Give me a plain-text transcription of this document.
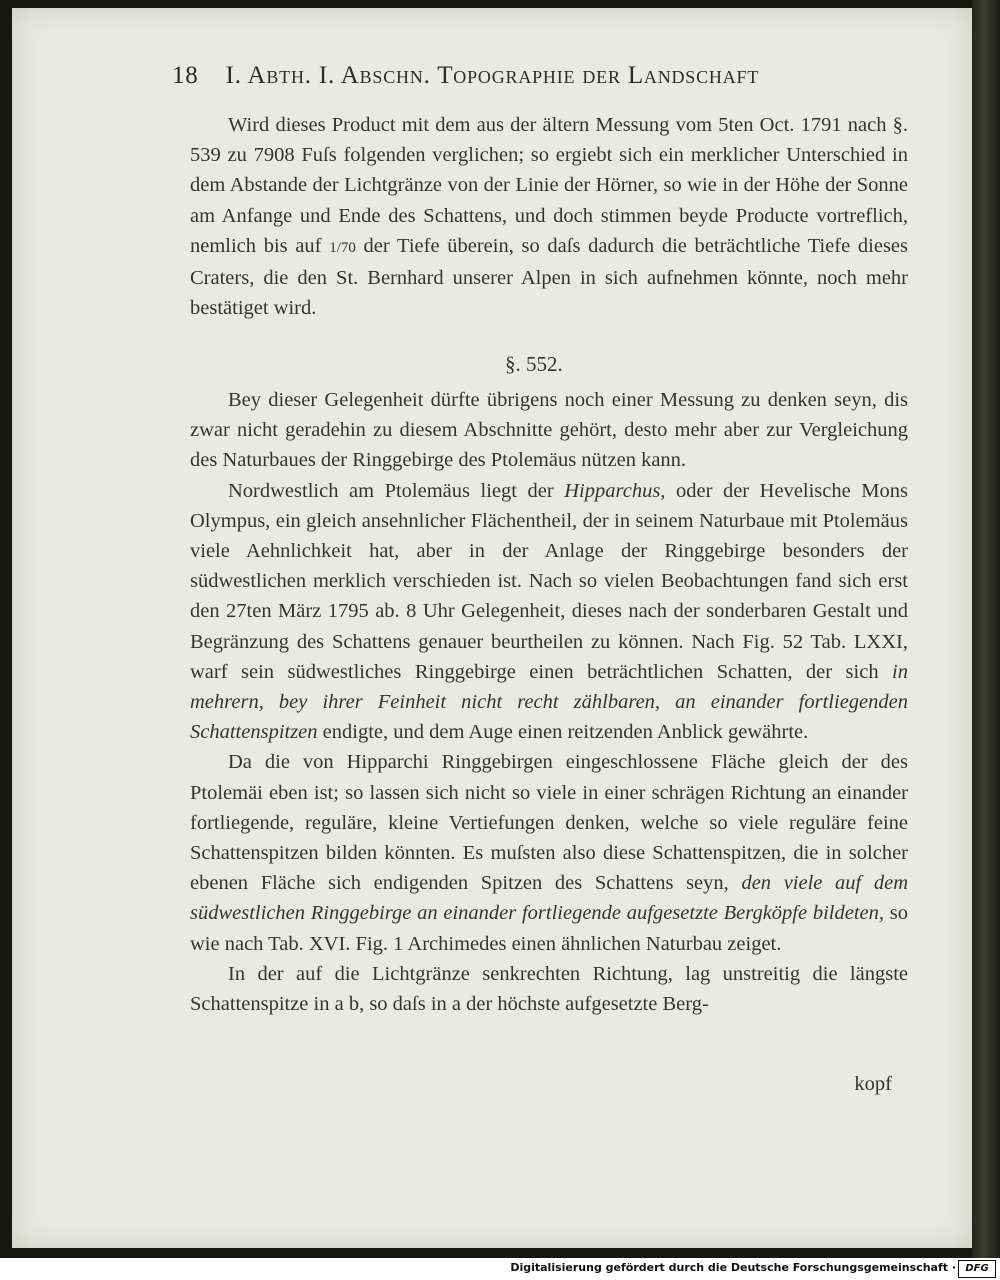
18 I. Abth. I. Abschn. Topographie der Landschaft

Wird dieses Product mit dem aus der ältern Messung vom 5ten Oct. 1791 nach §. 539 zu 7908 Fuſs folgenden verglichen; so ergiebt sich ein merklicher Unterschied in dem Abstande der Lichtgränze von der Linie der Hörner, so wie in der Höhe der Sonne am Anfange und Ende des Schattens, und doch stimmen beyde Producte vortreflich, nemlich bis auf 1/70 der Tiefe überein, so daſs dadurch die beträchtliche Tiefe dieses Craters, die den St. Bernhard unserer Alpen in sich aufnehmen könnte, noch mehr bestätiget wird.

§. 552.

Bey dieser Gelegenheit dürfte übrigens noch einer Messung zu denken seyn, dis zwar nicht geradehin zu diesem Abschnitte gehört, desto mehr aber zur Vergleichung des Naturbaues der Ringgebirge des Ptolemäus nützen kann.

Nordwestlich am Ptolemäus liegt der Hipparchus, oder der Hevelische Mons Olympus, ein gleich ansehnlicher Flächentheil, der in seinem Naturbaue mit Ptolemäus viele Aehnlichkeit hat, aber in der Anlage der Ringgebirge besonders der südwestlichen merklich verschieden ist. Nach so vielen Beobachtungen fand sich erst den 27ten März 1795 ab. 8 Uhr Gelegenheit, dieses nach der sonderbaren Gestalt und Begränzung des Schattens genauer beurtheilen zu können. Nach Fig. 52 Tab. LXXI, warf sein südwestliches Ringgebirge einen beträchtlichen Schatten, der sich in mehrern, bey ihrer Feinheit nicht recht zählbaren, an einander fortliegenden Schattenspitzen endigte, und dem Auge einen reitzenden Anblick gewährte.

Da die von Hipparchi Ringgebirgen eingeschlossene Fläche gleich der des Ptolemäi eben ist; so lassen sich nicht so viele in einer schrägen Richtung an einander fortliegende, reguläre, kleine Vertiefungen denken, welche so viele reguläre feine Schattenspitzen bilden könnten. Es muſsten also diese Schattenspitzen, die in solcher ebenen Fläche sich endigenden Spitzen des Schattens seyn, den viele auf dem südwestlichen Ringgebirge an einander fortliegende aufgesetzte Bergköpfe bildeten, so wie nach Tab. XVI. Fig. 1 Archimedes einen ähnlichen Naturbau zeiget.

In der auf die Lichtgränze senkrechten Richtung, lag unstreitig die längste Schattenspitze in a b, so daſs in a der höchste aufgesetzte Berg-

kopf
Digitalisierung gefördert durch die Deutsche Forschungsgemeinschaft · DFG
